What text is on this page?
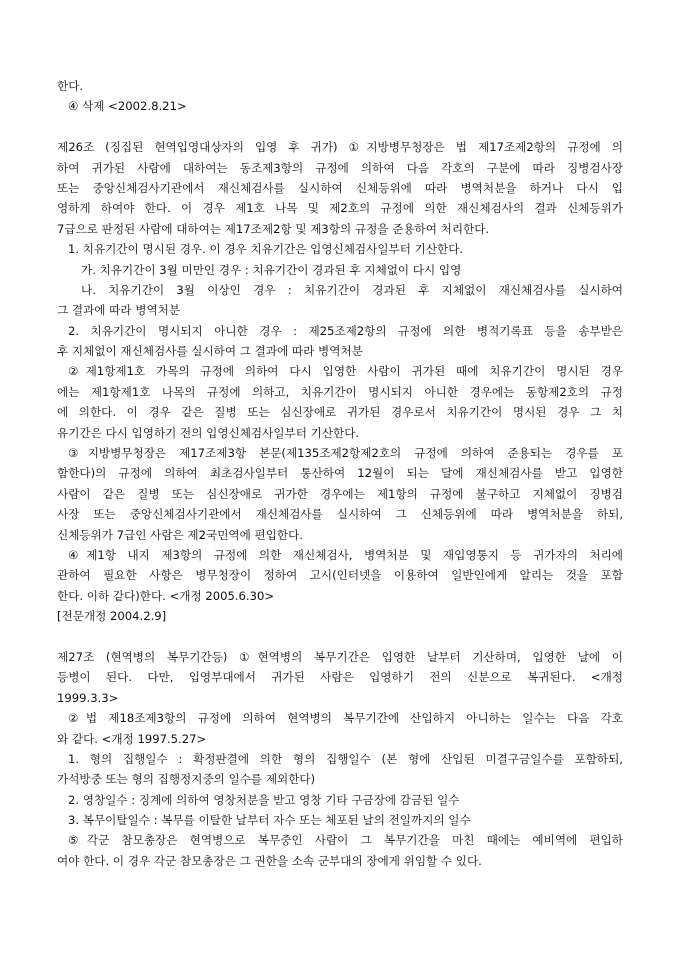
한다.
④ 삭제 <2002.8.21>
제26조 (징집된 현역입영대상자의 입영 후 귀가) ①지방병무청장은 법 제17조제2항의 규정에 의
하여 귀가된 사람에 대하여는 동조제3항의 규정에 의하여 다음 각호의 구분에 따라 징병검사장
또는 중앙신체검사기관에서 재신체검사를 실시하여 신체등위에 따라 병역처분을 하거나 다시 입
영하게 하여야 한다. 이 경우 제1호 나목 및 제2호의 규정에 의한 재신체검사의 결과 신체등위가
7급으로 판정된 사람에 대하여는 제17조제2항 및 제3항의 규정을 준용하여 처리한다.
1. 치유기간이 명시된 경우. 이 경우 치유기간은 입영신체검사일부터 기산한다.
가. 치유기간이 3월 미만인 경우 : 치유기간이 경과된 후 지체없이 다시 입영
나. 치유기간이 3월 이상인 경우 : 치유기간이 경과된 후 지체없이 재신체검사를 실시하여
그 결과에 따라 병역처분
2. 치유기간이 명시되지 아니한 경우 : 제25조제2항의 규정에 의한 병적기록표 등을 송부받은
후 지체없이 재신체검사를 실시하여 그 결과에 따라 병역처분
②제1항제1호 가목의 규정에 의하여 다시 입영한 사람이 귀가된 때에 치유기간이 명시된 경우
에는 제1항제1호 나목의 규정에 의하고, 치유기간이 명시되지 아니한 경우에는 동항제2호의 규정
에 의한다. 이 경우 같은 질병 또는 심신장애로 귀가된 경우로서 치유기간이 명시된 경우 그 치
유기간은 다시 입영하기 전의 입영신체검사일부터 기산한다.
③지방병무청장은 제17조제3항 본문(제135조제2항제2호의 규정에 의하여 준용되는 경우를 포
함한다)의 규정에 의하여 최초검사일부터 통산하여 12월이 되는 달에 재신체검사를 받고 입영한
사람이 같은 질병 또는 심신장애로 귀가한 경우에는 제1항의 규정에 불구하고 지체없이 징병검
사장 또는 중앙신체검사기관에서 재신체검사를 실시하여 그 신체등위에 따라 병역처분을 하되,
신체등위가 7급인 사람은 제2국민역에 편입한다.
④제1항 내지 제3항의 규정에 의한 재신체검사, 병역처분 및 재입영통지 등 귀가자의 처리에
관하여 필요한 사항은 병무청장이 정하여 고시(인터넷을 이용하여 일반인에게 알리는 것을 포함
한다. 이하 같다)한다. <개정 2005.6.30>
[전문개정 2004.2.9]
제27조 (현역병의 복무기간등) ①현역병의 복무기간은 입영한 날부터 기산하며, 입영한 날에 이
등병이 된다. 다만, 입영부대에서 귀가된 사람은 입영하기 전의 신분으로 복귀된다. <개정
1999.3.3>
②법 제18조제3항의 규정에 의하여 현역병의 복무기간에 산입하지 아니하는 일수는 다음 각호
와 같다. <개정 1997.5.27>
1. 형의 집행일수 : 확정판결에 의한 형의 집행일수 (본 형에 산입된 미결구금일수를 포함하되,
가석방중 또는 형의 집행정지중의 일수를 제외한다)
2. 영창일수 : 징계에 의하여 영창처분을 받고 영창 기타 구금장에 감금된 일수
3. 복무이탈일수 : 복무를 이탈한 날부터 자수 또는 체포된 날의 전일까지의 일수
⑤각군 참모총장은 현역병으로 복무중인 사람이 그 복무기간을 마친 때에는 예비역에 편입하
여야 한다. 이 경우 각군 참모총장은 그 권한을 소속 군부대의 장에게 위임할 수 있다.
